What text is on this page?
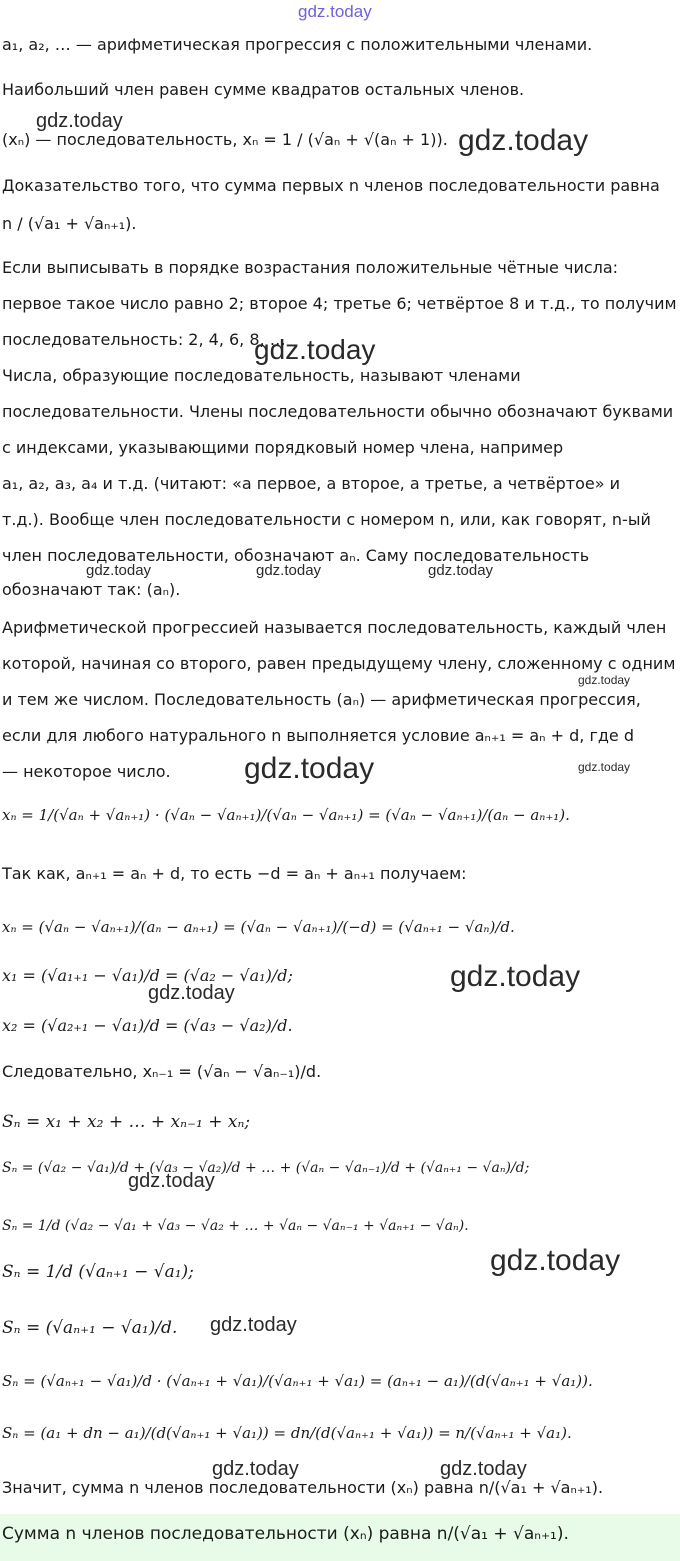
gdz.today
gdz.today
gdz.today
gdz.today
gdz.today	gdz.today	gdz.today
gdz.today
gdz.today	gdz.today
gdz.today
gdz.today
gdz.today
gdz.today
gdz.today
gdz.today	gdz.today
a₁, a₂, … — арифметическая прогрессия с положительными членами.
Наибольший член равен сумме квадратов остальных членов.
(xₙ) — последовательность, xₙ = 1 / (√aₙ + √(aₙ + 1)).
Доказательство того, что сумма первых n членов последовательности равна
n / (√a₁ + √aₙ₊₁).
Если выписывать в порядке возрастания положительные чётные числа:
первое такое число равно 2; второе 4; третье 6; четвёртое 8 и т.д., то получим
последовательность: 2, 4, 6, 8, …
Числа, образующие последовательность, называют членами
последовательности. Члены последовательности обычно обозначают буквами
с индексами, указывающими порядковый номер члена, например
a₁, a₂, a₃, a₄ и т.д. (читают: «a первое, a второе, a третье, a четвёртое» и
т.д.). Вообще член последовательности с номером n, или, как говорят, n-ый
член последовательности, обозначают aₙ. Саму последовательность
обозначают так: (aₙ).
Арифметической прогрессией называется последовательность, каждый член
которой, начиная со второго, равен предыдущему члену, сложенному с одним
и тем же числом. Последовательность (aₙ) — арифметическая прогрессия,
если для любого натурального n выполняется условие aₙ₊₁ = aₙ + d, где d
— некоторое число.
xₙ = 1/(√aₙ + √aₙ₊₁) · (√aₙ − √aₙ₊₁)/(√aₙ − √aₙ₊₁) = (√aₙ − √aₙ₊₁)/(aₙ − aₙ₊₁).
Так как, aₙ₊₁ = aₙ + d, то есть −d = aₙ + aₙ₊₁ получаем:
xₙ = (√aₙ − √aₙ₊₁)/(aₙ − aₙ₊₁) = (√aₙ − √aₙ₊₁)/(−d) = (√aₙ₊₁ − √aₙ)/d.
x₁ = (√a₁₊₁ − √a₁)/d = (√a₂ − √a₁)/d;
x₂ = (√a₂₊₁ − √a₁)/d = (√a₃ − √a₂)/d.
Следовательно, xₙ₋₁ = (√aₙ − √aₙ₋₁)/d.
Sₙ = x₁ + x₂ + … + xₙ₋₁ + xₙ;
Sₙ = (√a₂ − √a₁)/d + (√a₃ − √a₂)/d + … + (√aₙ − √aₙ₋₁)/d + (√aₙ₊₁ − √aₙ)/d;
Sₙ = 1/d (√a₂ − √a₁ + √a₃ − √a₂ + … + √aₙ − √aₙ₋₁ + √aₙ₊₁ − √aₙ).
Sₙ = 1/d (√aₙ₊₁ − √a₁);
Sₙ = (√aₙ₊₁ − √a₁)/d.
Sₙ = (√aₙ₊₁ − √a₁)/d · (√aₙ₊₁ + √a₁)/(√aₙ₊₁ + √a₁) = (aₙ₊₁ − a₁)/(d(√aₙ₊₁ + √a₁)).
Sₙ = (a₁ + dn − a₁)/(d(√aₙ₊₁ + √a₁)) = dn/(d(√aₙ₊₁ + √a₁)) = n/(√aₙ₊₁ + √a₁).
Значит, сумма n членов последовательности (xₙ) равна n/(√a₁ + √aₙ₊₁).
Сумма n членов последовательности (xₙ) равна n/(√a₁ + √aₙ₊₁).
